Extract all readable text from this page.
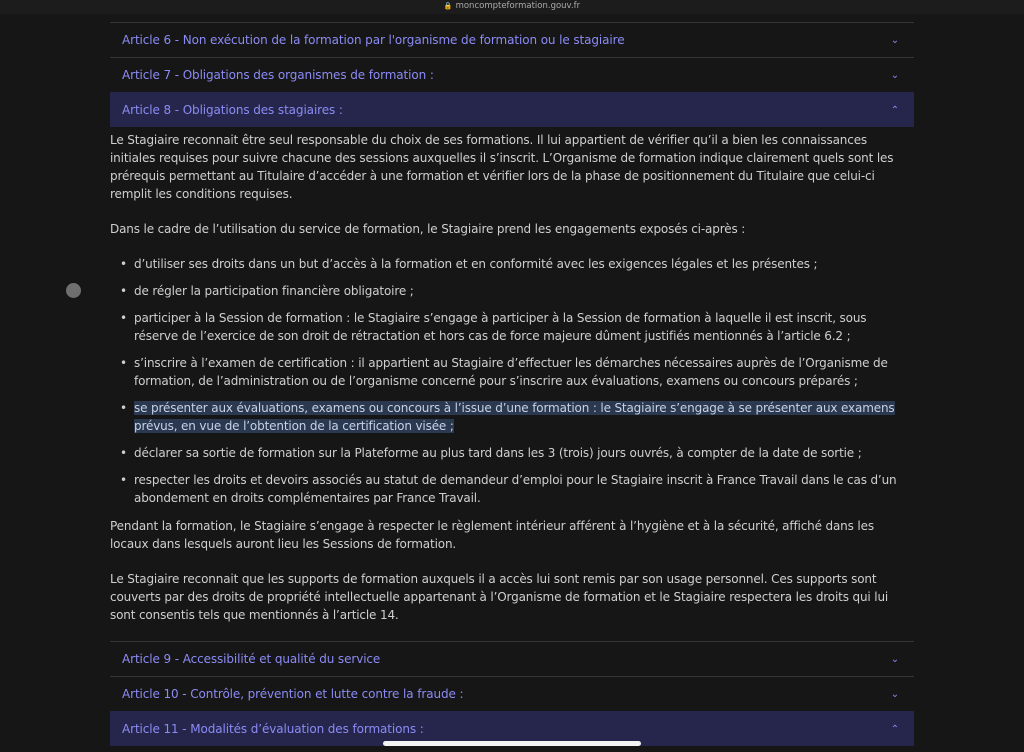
🔒 moncompteformation.gouv.fr
Article 6 - Non exécution de la formation par l'organisme de formation ou le stagiaire	⌄
Article 7 - Obligations des organismes de formation :	⌄
Article 8 - Obligations des stagiaires :	⌃

Le Stagiaire reconnait être seul responsable du choix de ses formations. Il lui appartient de vérifier qu’il a bien les connaissances initiales requises pour suivre chacune des sessions auxquelles il s’inscrit. L’Organisme de formation indique clairement quels sont les prérequis permettant au Titulaire d’accéder à une formation et vérifier lors de la phase de positionnement du Titulaire que celui-ci remplit les conditions requises.

Dans le cadre de l’utilisation du service de formation, le Stagiaire prend les engagements exposés ci-après :

• d’utiliser ses droits dans un but d’accès à la formation et en conformité avec les exigences légales et les présentes ;
• de régler la participation financière obligatoire ;
• participer à la Session de formation : le Stagiaire s’engage à participer à la Session de formation à laquelle il est inscrit, sous réserve de l’exercice de son droit de rétractation et hors cas de force majeure dûment justifiés mentionnés à l’article 6.2 ;
• s’inscrire à l’examen de certification : il appartient au Stagiaire d’effectuer les démarches nécessaires auprès de l’Organisme de formation, de l’administration ou de l’organisme concerné pour s’inscrire aux évaluations, examens ou concours préparés ;
• se présenter aux évaluations, examens ou concours à l’issue d’une formation : le Stagiaire s’engage à se présenter aux examens prévus, en vue de l’obtention de la certification visée ;
• déclarer sa sortie de formation sur la Plateforme au plus tard dans les 3 (trois) jours ouvrés, à compter de la date de sortie ;
• respecter les droits et devoirs associés au statut de demandeur d’emploi pour le Stagiaire inscrit à France Travail dans le cas d’un abondement en droits complémentaires par France Travail.

Pendant la formation, le Stagiaire s’engage à respecter le règlement intérieur afférent à l’hygiène et à la sécurité, affiché dans les locaux dans lesquels auront lieu les Sessions de formation.

Le Stagiaire reconnait que les supports de formation auxquels il a accès lui sont remis par son usage personnel. Ces supports sont couverts par des droits de propriété intellectuelle appartenant à l’Organisme de formation et le Stagiaire respectera les droits qui lui sont consentis tels que mentionnés à l’article 14.

Article 9 - Accessibilité et qualité du service	⌄
Article 10 - Contrôle, prévention et lutte contre la fraude :	⌄
Article 11 - Modalités d’évaluation des formations :	⌃
